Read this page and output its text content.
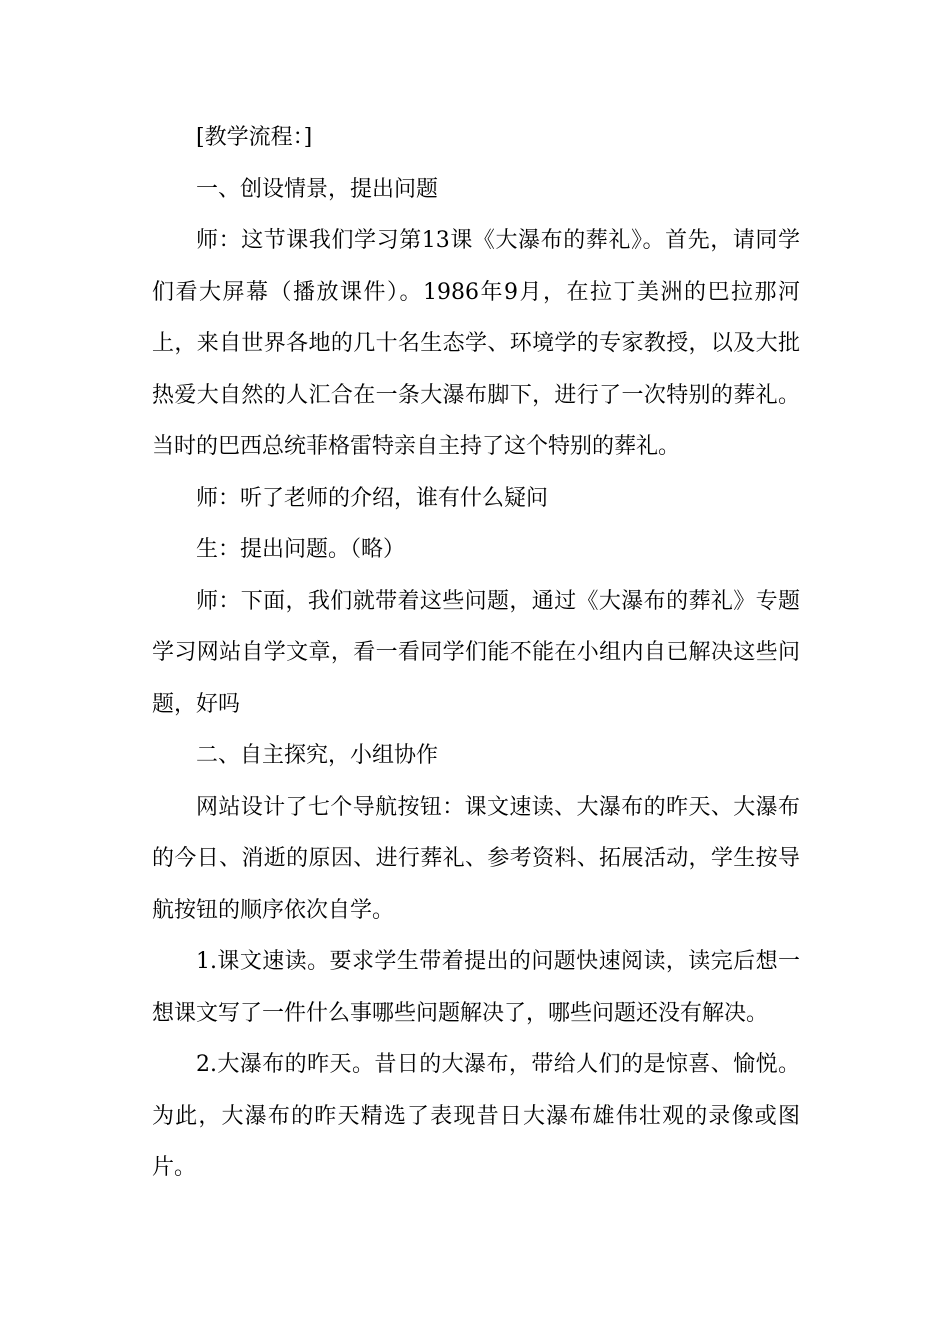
[教学流程：]

一、创设情景，提出问题

师：这节课我们学习第13课《大瀑布的葬礼》。首先，请同学们看大屏幕（播放课件）。1986年9月，在拉丁美洲的巴拉那河上，来自世界各地的几十名生态学、环境学的专家教授，以及大批热爱大自然的人汇合在一条大瀑布脚下，进行了一次特别的葬礼。当时的巴西总统菲格雷特亲自主持了这个特别的葬礼。

师：听了老师的介绍，谁有什么疑问

生：提出问题。（略）

师：下面，我们就带着这些问题，通过《大瀑布的葬礼》专题学习网站自学文章，看一看同学们能不能在小组内自已解决这些问题，好吗

二、自主探究，小组协作

网站设计了七个导航按钮：课文速读、大瀑布的昨天、大瀑布的今日、消逝的原因、进行葬礼、参考资料、拓展活动，学生按导航按钮的顺序依次自学。

1.课文速读。要求学生带着提出的问题快速阅读，读完后想一想课文写了一件什么事哪些问题解决了，哪些问题还没有解决。

2.大瀑布的昨天。昔日的大瀑布，带给人们的是惊喜、愉悦。为此，大瀑布的昨天精选了表现昔日大瀑布雄伟壮观的录像或图片。
